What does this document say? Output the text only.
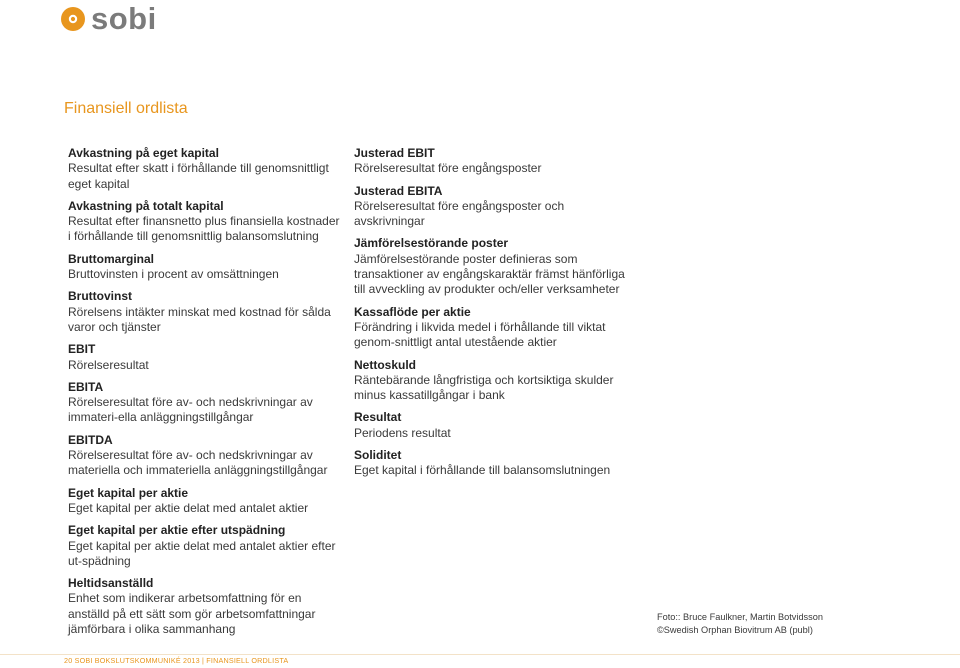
sobi
Finansiell ordlista
Avkastning på eget kapital
Resultat efter skatt i förhållande till genomsnittligt eget kapital
Avkastning på totalt kapital
Resultat efter finansnetto plus finansiella kostnader i förhållande till genomsnittlig balansomslutning
Bruttomarginal
Bruttovinsten i procent av omsättningen
Bruttovinst
Rörelsens intäkter minskat med kostnad för sålda varor och tjänster
EBIT
Rörelseresultat
EBITA
Rörelseresultat före av- och nedskrivningar av immateri-ella anläggningstillgångar
EBITDA
Rörelseresultat före av- och nedskrivningar av materiella och immateriella anläggningstillgångar
Eget kapital per aktie
Eget kapital per aktie delat med antalet aktier
Eget kapital per aktie efter utspädning
Eget kapital per aktie delat med antalet aktier efter ut-spädning
Heltidsanställd
Enhet som indikerar arbetsomfattning för en anställd på ett sätt som gör arbetsomfattningar jämförbara i olika sammanhang
Justerad EBIT
Rörelseresultat före engångsposter
Justerad EBITA
Rörelseresultat före engångsposter och avskrivningar
Jämförelsestörande poster
Jämförelsestörande poster definieras som transaktioner av engångskaraktär främst hänförliga till avveckling av produkter och/eller verksamheter
Kassaflöde per aktie
Förändring i likvida medel i förhållande till viktat genom-snittligt antal utestående aktier
Nettoskuld
Räntebärande långfristiga och kortsiktiga skulder minus kassatillgångar i bank
Resultat
Periodens resultat
Soliditet
Eget kapital i förhållande till balansomslutningen
Foto:: Bruce Faulkner, Martin Botvidsson
©Swedish Orphan Biovitrum AB (publ)
20 SOBI BOKSLUTSKOMMUNIKÉ 2013 | FINANSIELL ORDLISTA
